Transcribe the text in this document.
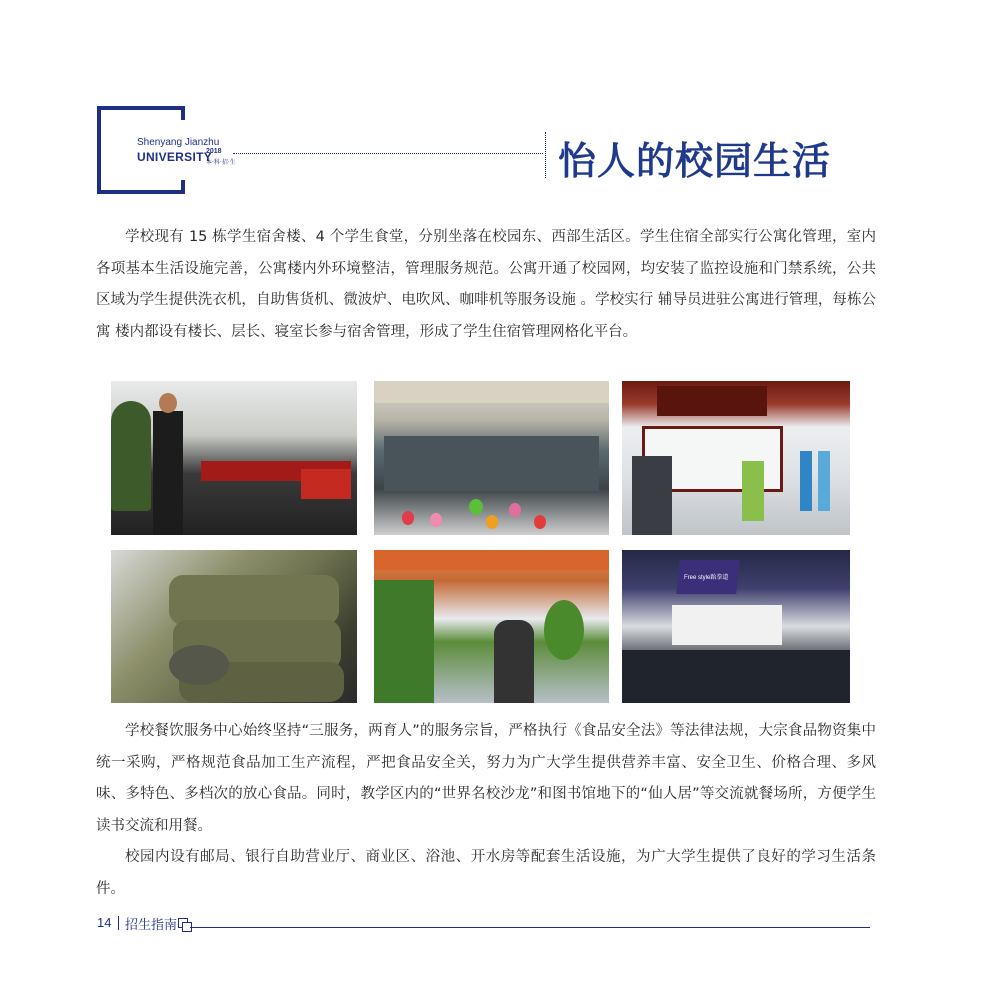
Shenyang Jianzhu
UNIVERSITY
2018
本·科·招·生	怡人的校园生活
学校现有 15 栋学生宿舍楼、4 个学生食堂，分别坐落在校园东、西部生活区。学生住宿全部实行公寓化管理，室内各项基本生活设施完善，公寓楼内外环境整洁，管理服务规范。公寓开通了校园网，均安装了监控设施和门禁系统，公共区域为学生提供洗衣机，自助售货机、微波炉、电吹风、咖啡机等服务设施 。学校实行 辅导员进驻公寓进行管理，每栋公寓 楼内都设有楼长、层长、寝室长参与宿舍管理，形成了学生住宿管理网格化平台。
Free style跆拳道
学校餐饮服务中心始终坚持“三服务，两育人”的服务宗旨，严格执行《食品安全法》等法律法规，大宗食品物资集中统一采购，严格规范食品加工生产流程，严把食品安全关，努力为广大学生提供营养丰富、安全卫生、价格合理、多风味、多特色、多档次的放心食品。同时，教学区内的“世界名校沙龙”和图书馆地下的“仙人居”等交流就餐场所，方便学生读书交流和用餐。
校园内设有邮局、银行自助营业厅、商业区、浴池、开水房等配套生活设施，为广大学生提供了良好的学习生活条件。
14 招生指南
